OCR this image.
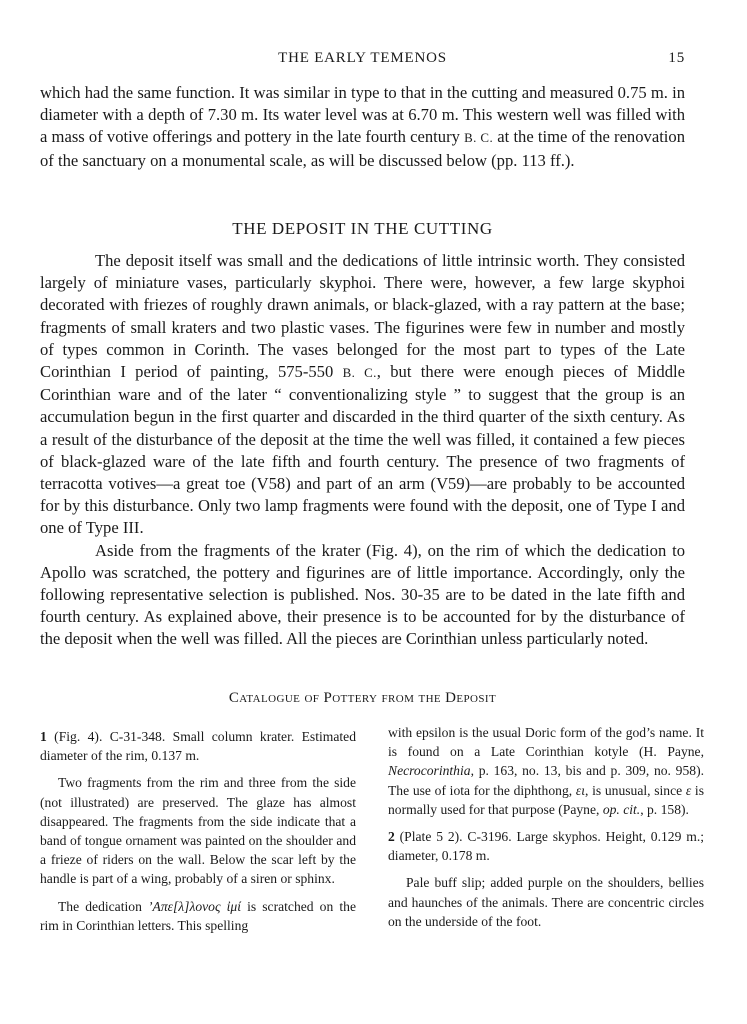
THE EARLY TEMENOS	15

which had the same function. It was similar in type to that in the cutting and measured 0.75 m. in diameter with a depth of 7.30 m. Its water level was at 6.70 m. This western well was filled with a mass of votive offerings and pottery in the late fourth century B. C. at the time of the renovation of the sanctuary on a monumental scale, as will be discussed below (pp. 113 ff.).

THE DEPOSIT IN THE CUTTING

The deposit itself was small and the dedications of little intrinsic worth. They consisted largely of miniature vases, particularly skyphoi. There were, however, a few large skyphoi decorated with friezes of roughly drawn animals, or black-glazed, with a ray pattern at the base; fragments of small kraters and two plastic vases. The figurines were few in number and mostly of types common in Corinth. The vases belonged for the most part to types of the Late Corinthian I period of painting, 575-550 B. C., but there were enough pieces of Middle Corinthian ware and of the later “ conventionalizing style ” to suggest that the group is an accumulation begun in the first quarter and discarded in the third quarter of the sixth century. As a result of the disturbance of the deposit at the time the well was filled, it contained a few pieces of black-glazed ware of the late fifth and fourth century. The presence of two fragments of terracotta votives—a great toe (V58) and part of an arm (V59)—are probably to be accounted for by this disturbance. Only two lamp fragments were found with the deposit, one of Type I and one of Type III.

Aside from the fragments of the krater (Fig. 4), on the rim of which the dedication to Apollo was scratched, the pottery and figurines are of little importance. Accordingly, only the following representative selection is published. Nos. 30-35 are to be dated in the late fifth and fourth century. As explained above, their presence is to be accounted for by the disturbance of the deposit when the well was filled. All the pieces are Corinthian unless particularly noted.

Catalogue of Pottery from the Deposit

1 (Fig. 4). C-31-348. Small column krater. Estimated diameter of the rim, 0.137 m.

Two fragments from the rim and three from the side (not illustrated) are preserved. The glaze has almost disappeared. The fragments from the side indicate that a band of tongue ornament was painted on the shoulder and a frieze of riders on the wall. Below the scar left by the handle is part of a wing, probably of a siren or sphinx.

The dedication ’Απε[λ]λονος ἰμί is scratched on the rim in Corinthian letters. This spelling

with epsilon is the usual Doric form of the god’s name. It is found on a Late Corinthian kotyle (H. Payne, Necrocorinthia, p. 163, no. 13, bis and p. 309, no. 958). The use of iota for the diphthong, ει, is unusual, since ε is normally used for that purpose (Payne, op. cit., p. 158).

2 (Plate 5 2). C-3196. Large skyphos. Height, 0.129 m.; diameter, 0.178 m.

Pale buff slip; added purple on the shoulders, bellies and haunches of the animals. There are concentric circles on the underside of the foot.
